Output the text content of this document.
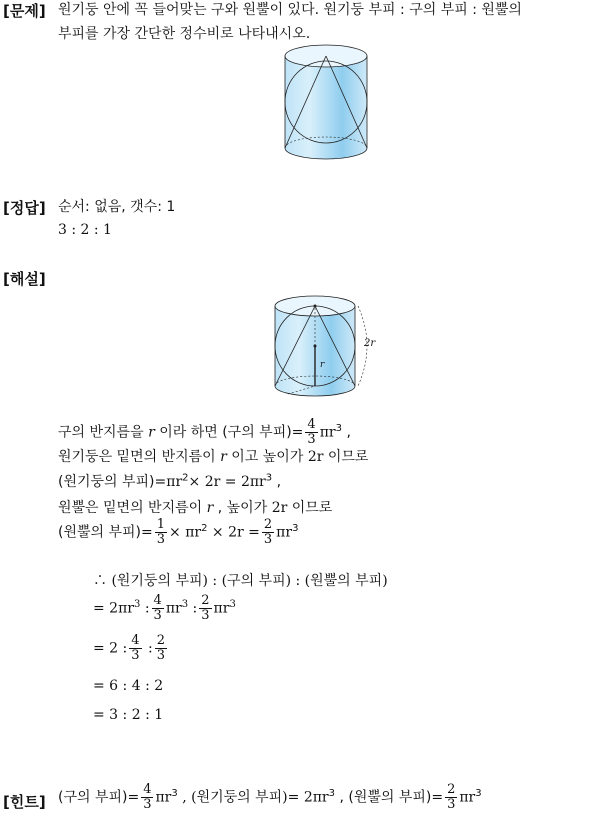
[문제] 원기둥 안에 꼭 들어맞는 구와 원뿔이 있다. 원기둥 부피 : 구의 부피 : 원뿔의
부피를 가장 간단한 정수비로 나타내시오.
[정답] 순서: 없음, 갯수: 1
3 : 2 : 1
[해설]
2r
r
구의 반지름을 r 이라 하면 (구의 부피)= $\frac{4}{3} \pi r^3$ ,
원기둥은 밑면의 반지름이 r 이고 높이가 2r 이므로
(원기둥의 부피)$=\pi r^2\times 2r = 2\pi r^3$ ,
원뿔은 밑면의 반지름이 r , 높이가 2r 이므로
(원뿔의 부피)= $\frac{1}{3} \times \pi r^2 \times 2r = \frac{2}{3} \pi r^3$
∴ (원기둥의 부피) : (구의 부피) : (원뿔의 부피)
= $2\pi r^3$ : $\frac{4}{3} \pi r^3$ : $\frac{2}{3} \pi r^3$
= 2 : $\frac{4}{3}$ : $\frac{2}{3}$
= 6 : 4 : 2
= 3 : 2 : 1
[힌트] (구의 부피)= $\frac{4}{3} \pi r^3$ , (원기둥의 부피)= $2\pi r^3$ , (원뿔의 부피)= $\frac{2}{3} \pi r^3$
